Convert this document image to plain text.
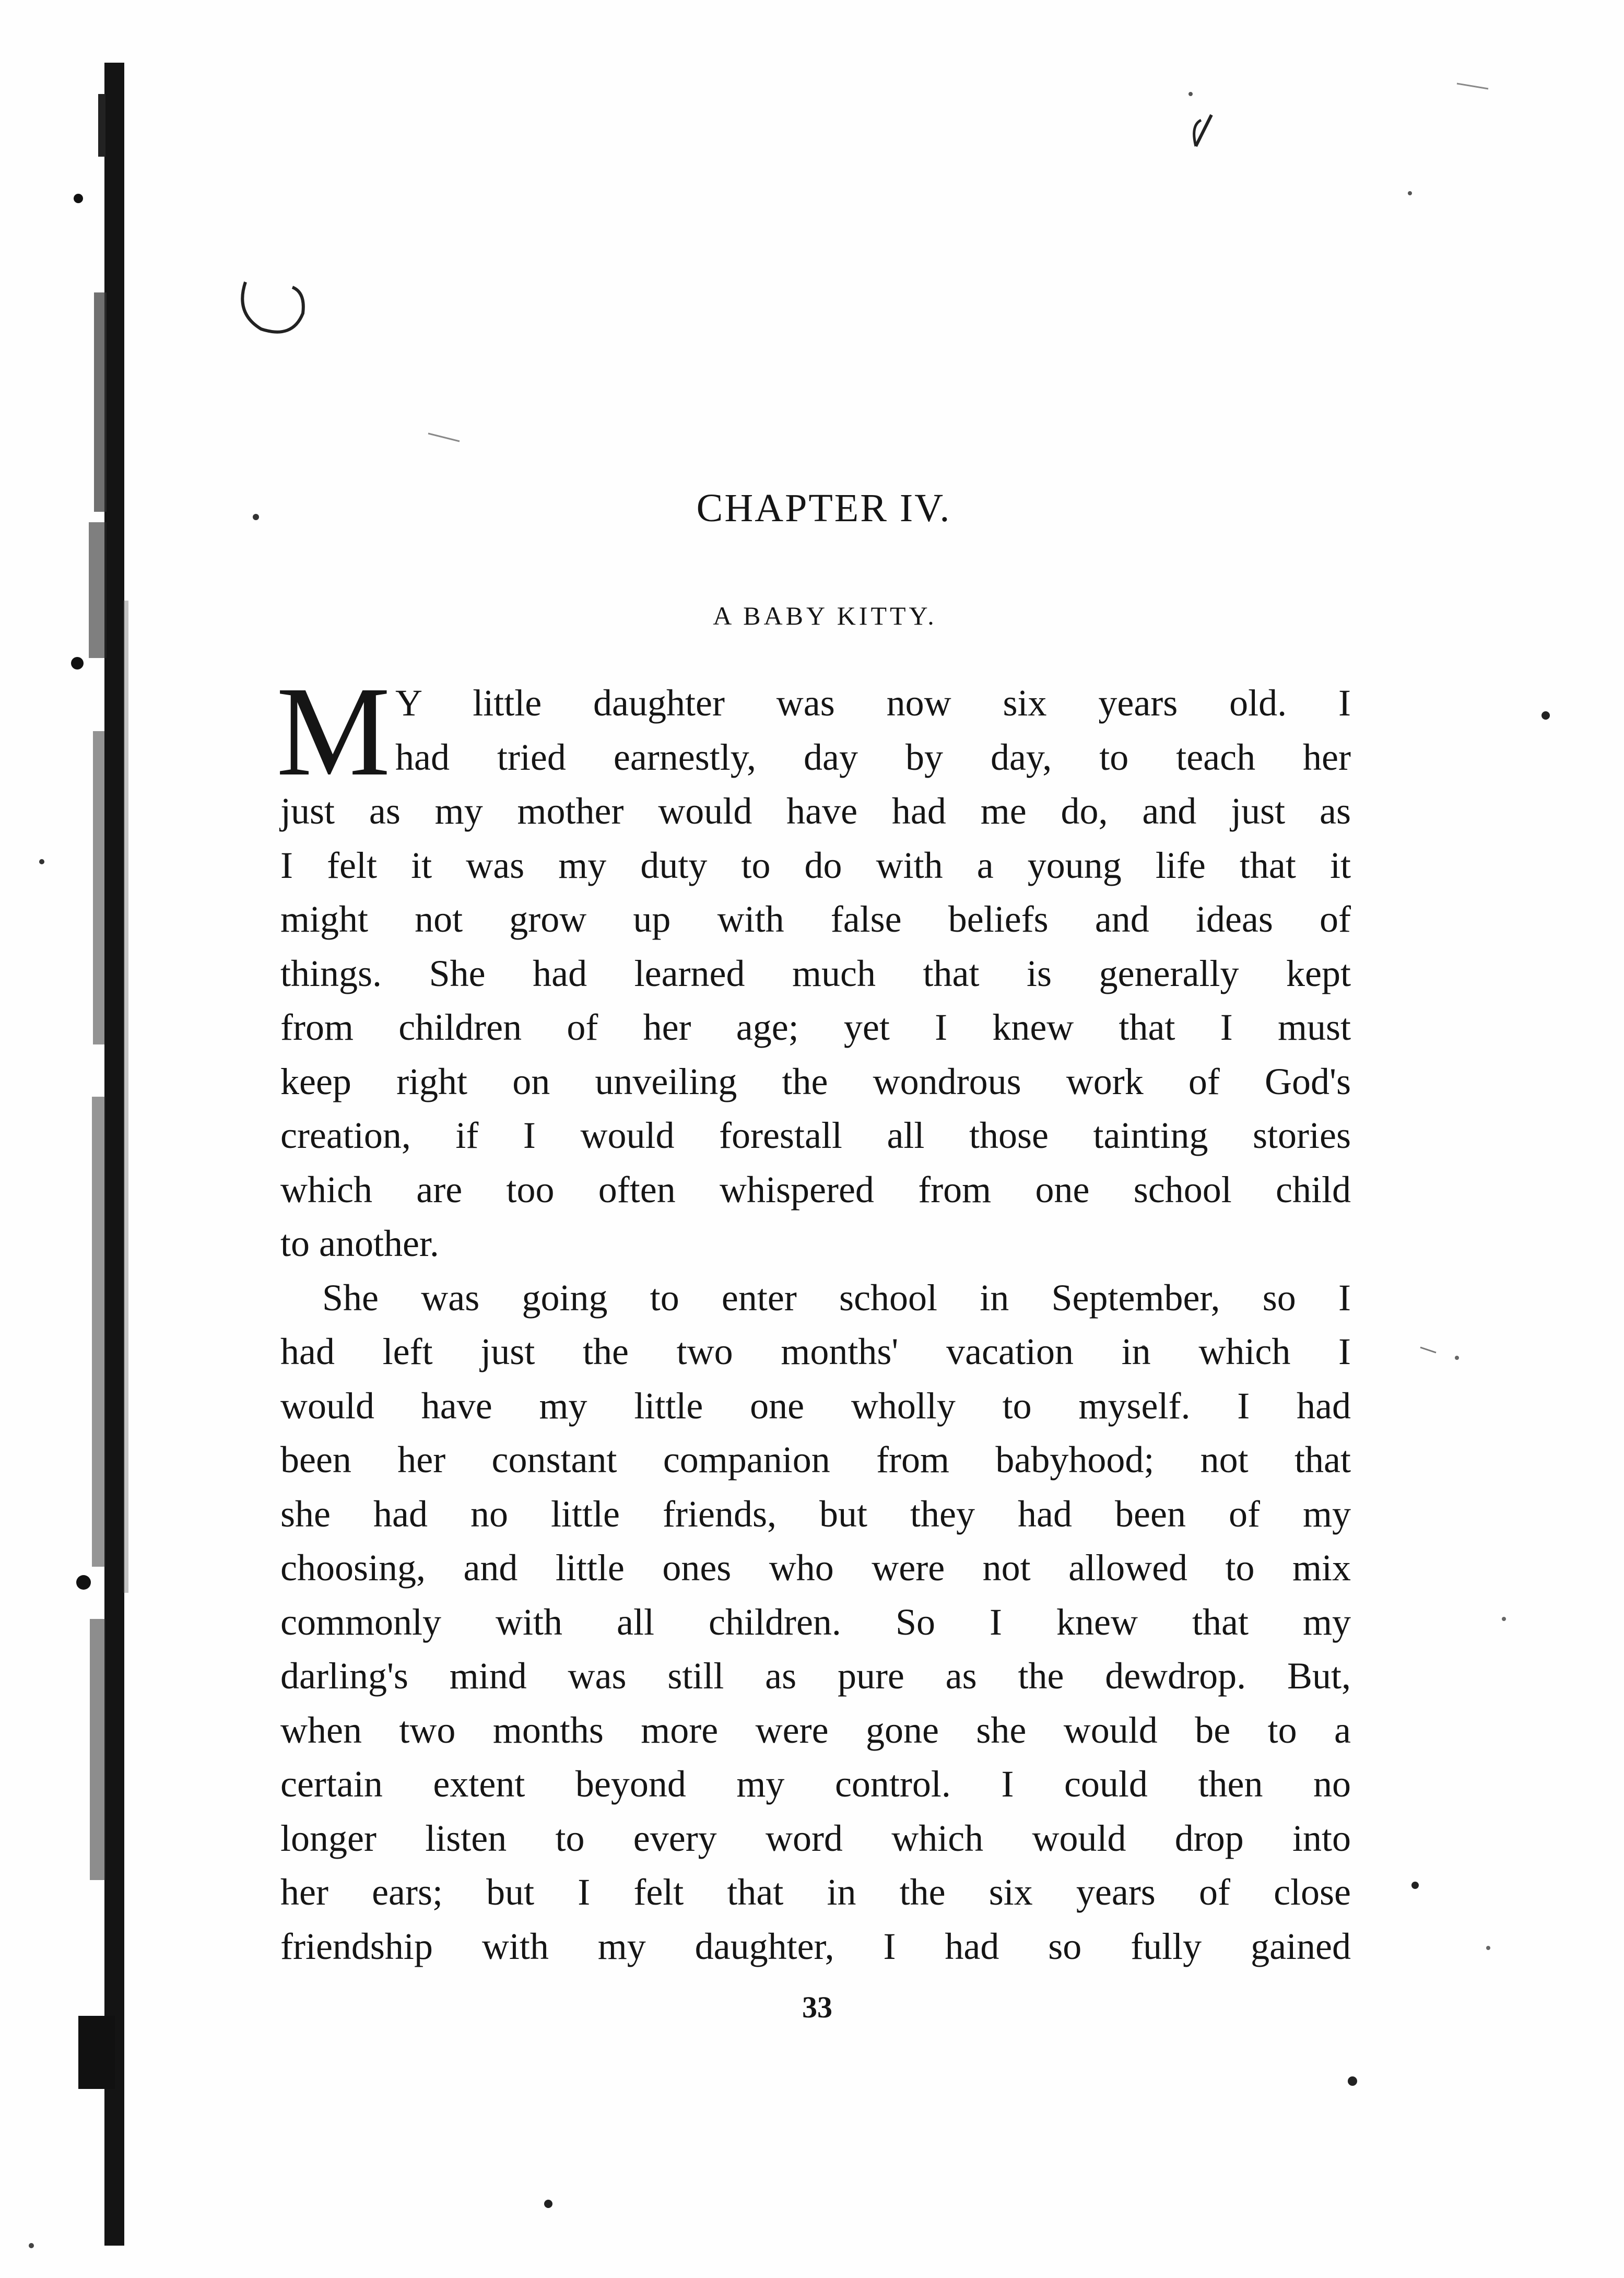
CHAPTER IV.
A BABY KITTY.
M Y little daughter was now six years old. I
had tried earnestly, day by day, to teach her
just as my mother would have had me do, and just as
I felt it was my duty to do with a young life that it
might not grow up with false beliefs and ideas of
things. She had learned much that is generally kept
from children of her age; yet I knew that I must
keep right on unveiling the wondrous work of God's
creation, if I would forestall all those tainting stories
which are too often whispered from one school child
to another.
She was going to enter school in September, so I
had left just the two months' vacation in which I
would have my little one wholly to myself. I had
been her constant companion from babyhood; not that
she had no little friends, but they had been of my
choosing, and little ones who were not allowed to mix
commonly with all children. So I knew that my
darling's mind was still as pure as the dewdrop. But,
when two months more were gone she would be to a
certain extent beyond my control. I could then no
longer listen to every word which would drop into
her ears; but I felt that in the six years of close
friendship with my daughter, I had so fully gained
33
